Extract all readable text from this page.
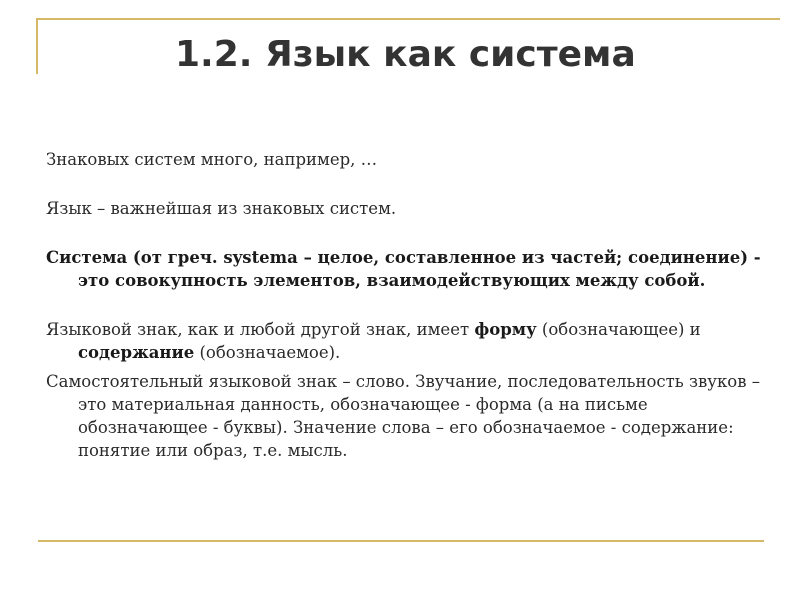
1.2. Язык как система

Знаковых систем много, например, …

Язык – важнейшая из знаковых систем.

Система (от греч. systema – целое, составленное из частей; соединение) - это совокупность элементов, взаимодействующих между собой.

Языковой знак, как и любой другой знак, имеет форму (обозначающее) и содержание (обозначаемое).

Самостоятельный языковой знак – слово. Звучание, последовательность звуков – это материальная данность, обозначающее - форма (а на письме обозначающее - буквы). Значение слова – его обозначаемое - содержание: понятие или образ, т.е. мысль.
